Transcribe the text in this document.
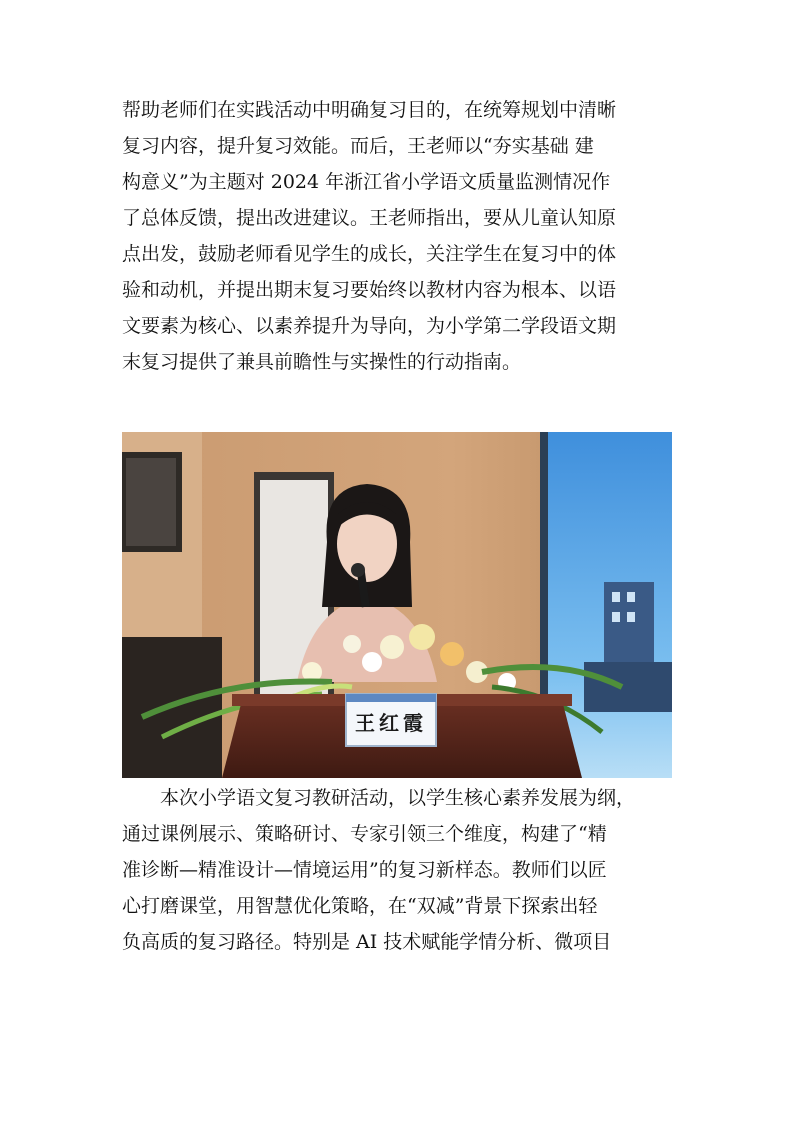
帮助老师们在实践活动中明确复习目的，在统筹规划中清晰
复习内容，提升复习效能。而后，王老师以“夯实基础 建
构意义”为主题对 2024 年浙江省小学语文质量监测情况作
了总体反馈，提出改进建议。王老师指出，要从儿童认知原
点出发，鼓励老师看见学生的成长，关注学生在复习中的体
验和动机，并提出期末复习要始终以教材内容为根本、以语
文要素为核心、以素养提升为导向，为小学第二学段语文期
末复习提供了兼具前瞻性与实操性的行动指南。

王红霞

本次小学语文复习教研活动，以学生核心素养发展为纲，
通过课例展示、策略研讨、专家引领三个维度，构建了“精
准诊断—精准设计—情境运用”的复习新样态。教师们以匠
心打磨课堂，用智慧优化策略，在“双减”背景下探索出轻
负高质的复习路径。特别是 AI 技术赋能学情分析、微项目
